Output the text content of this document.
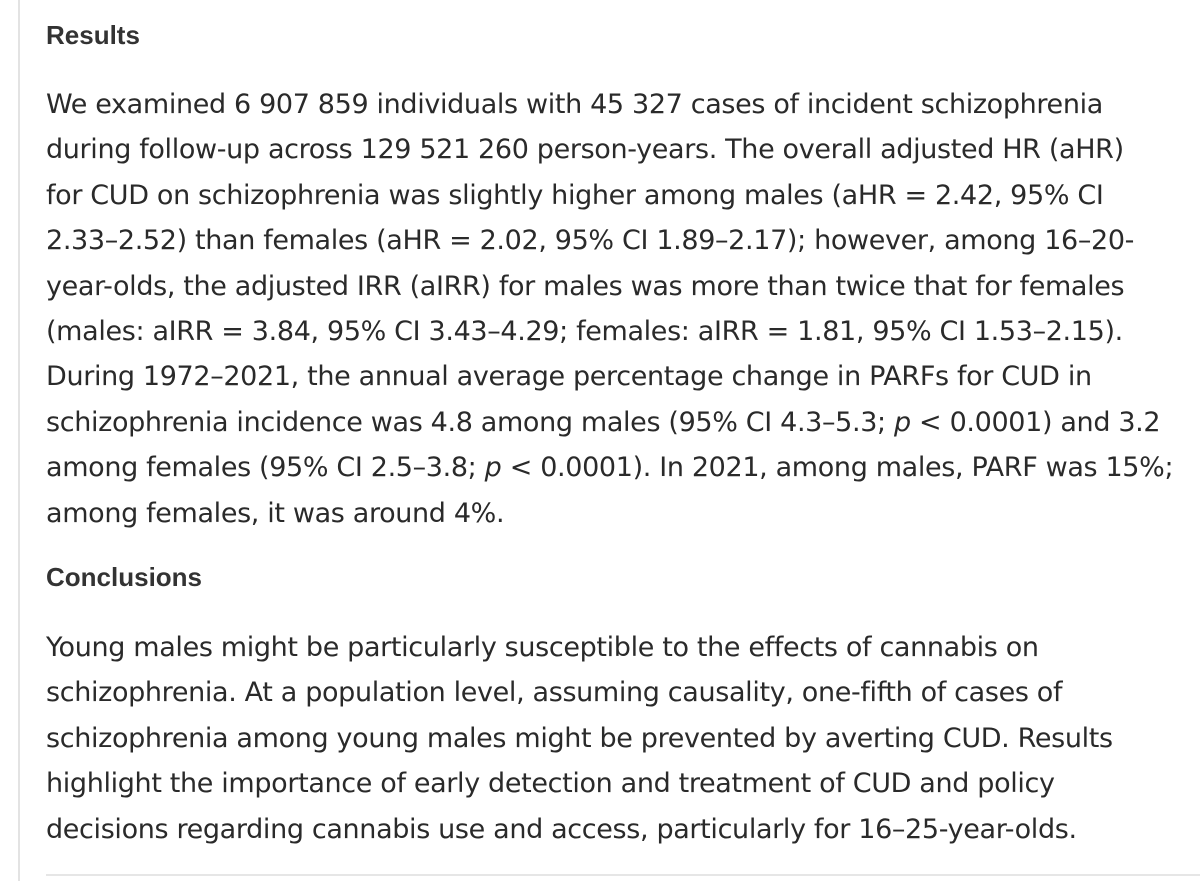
Results

We examined 6 907 859 individuals with 45 327 cases of incident schizophrenia
during follow-up across 129 521 260 person-years. The overall adjusted HR (aHR)
for CUD on schizophrenia was slightly higher among males (aHR = 2.42, 95% CI
2.33–2.52) than females (aHR = 2.02, 95% CI 1.89–2.17); however, among 16–20-
year-olds, the adjusted IRR (aIRR) for males was more than twice that for females
(males: aIRR = 3.84, 95% CI 3.43–4.29; females: aIRR = 1.81, 95% CI 1.53–2.15).
During 1972–2021, the annual average percentage change in PARFs for CUD in
schizophrenia incidence was 4.8 among males (95% CI 4.3–5.3; p < 0.0001) and 3.2
among females (95% CI 2.5–3.8; p < 0.0001). In 2021, among males, PARF was 15%;
among females, it was around 4%.

Conclusions

Young males might be particularly susceptible to the effects of cannabis on
schizophrenia. At a population level, assuming causality, one-fifth of cases of
schizophrenia among young males might be prevented by averting CUD. Results
highlight the importance of early detection and treatment of CUD and policy
decisions regarding cannabis use and access, particularly for 16–25-year-olds.
